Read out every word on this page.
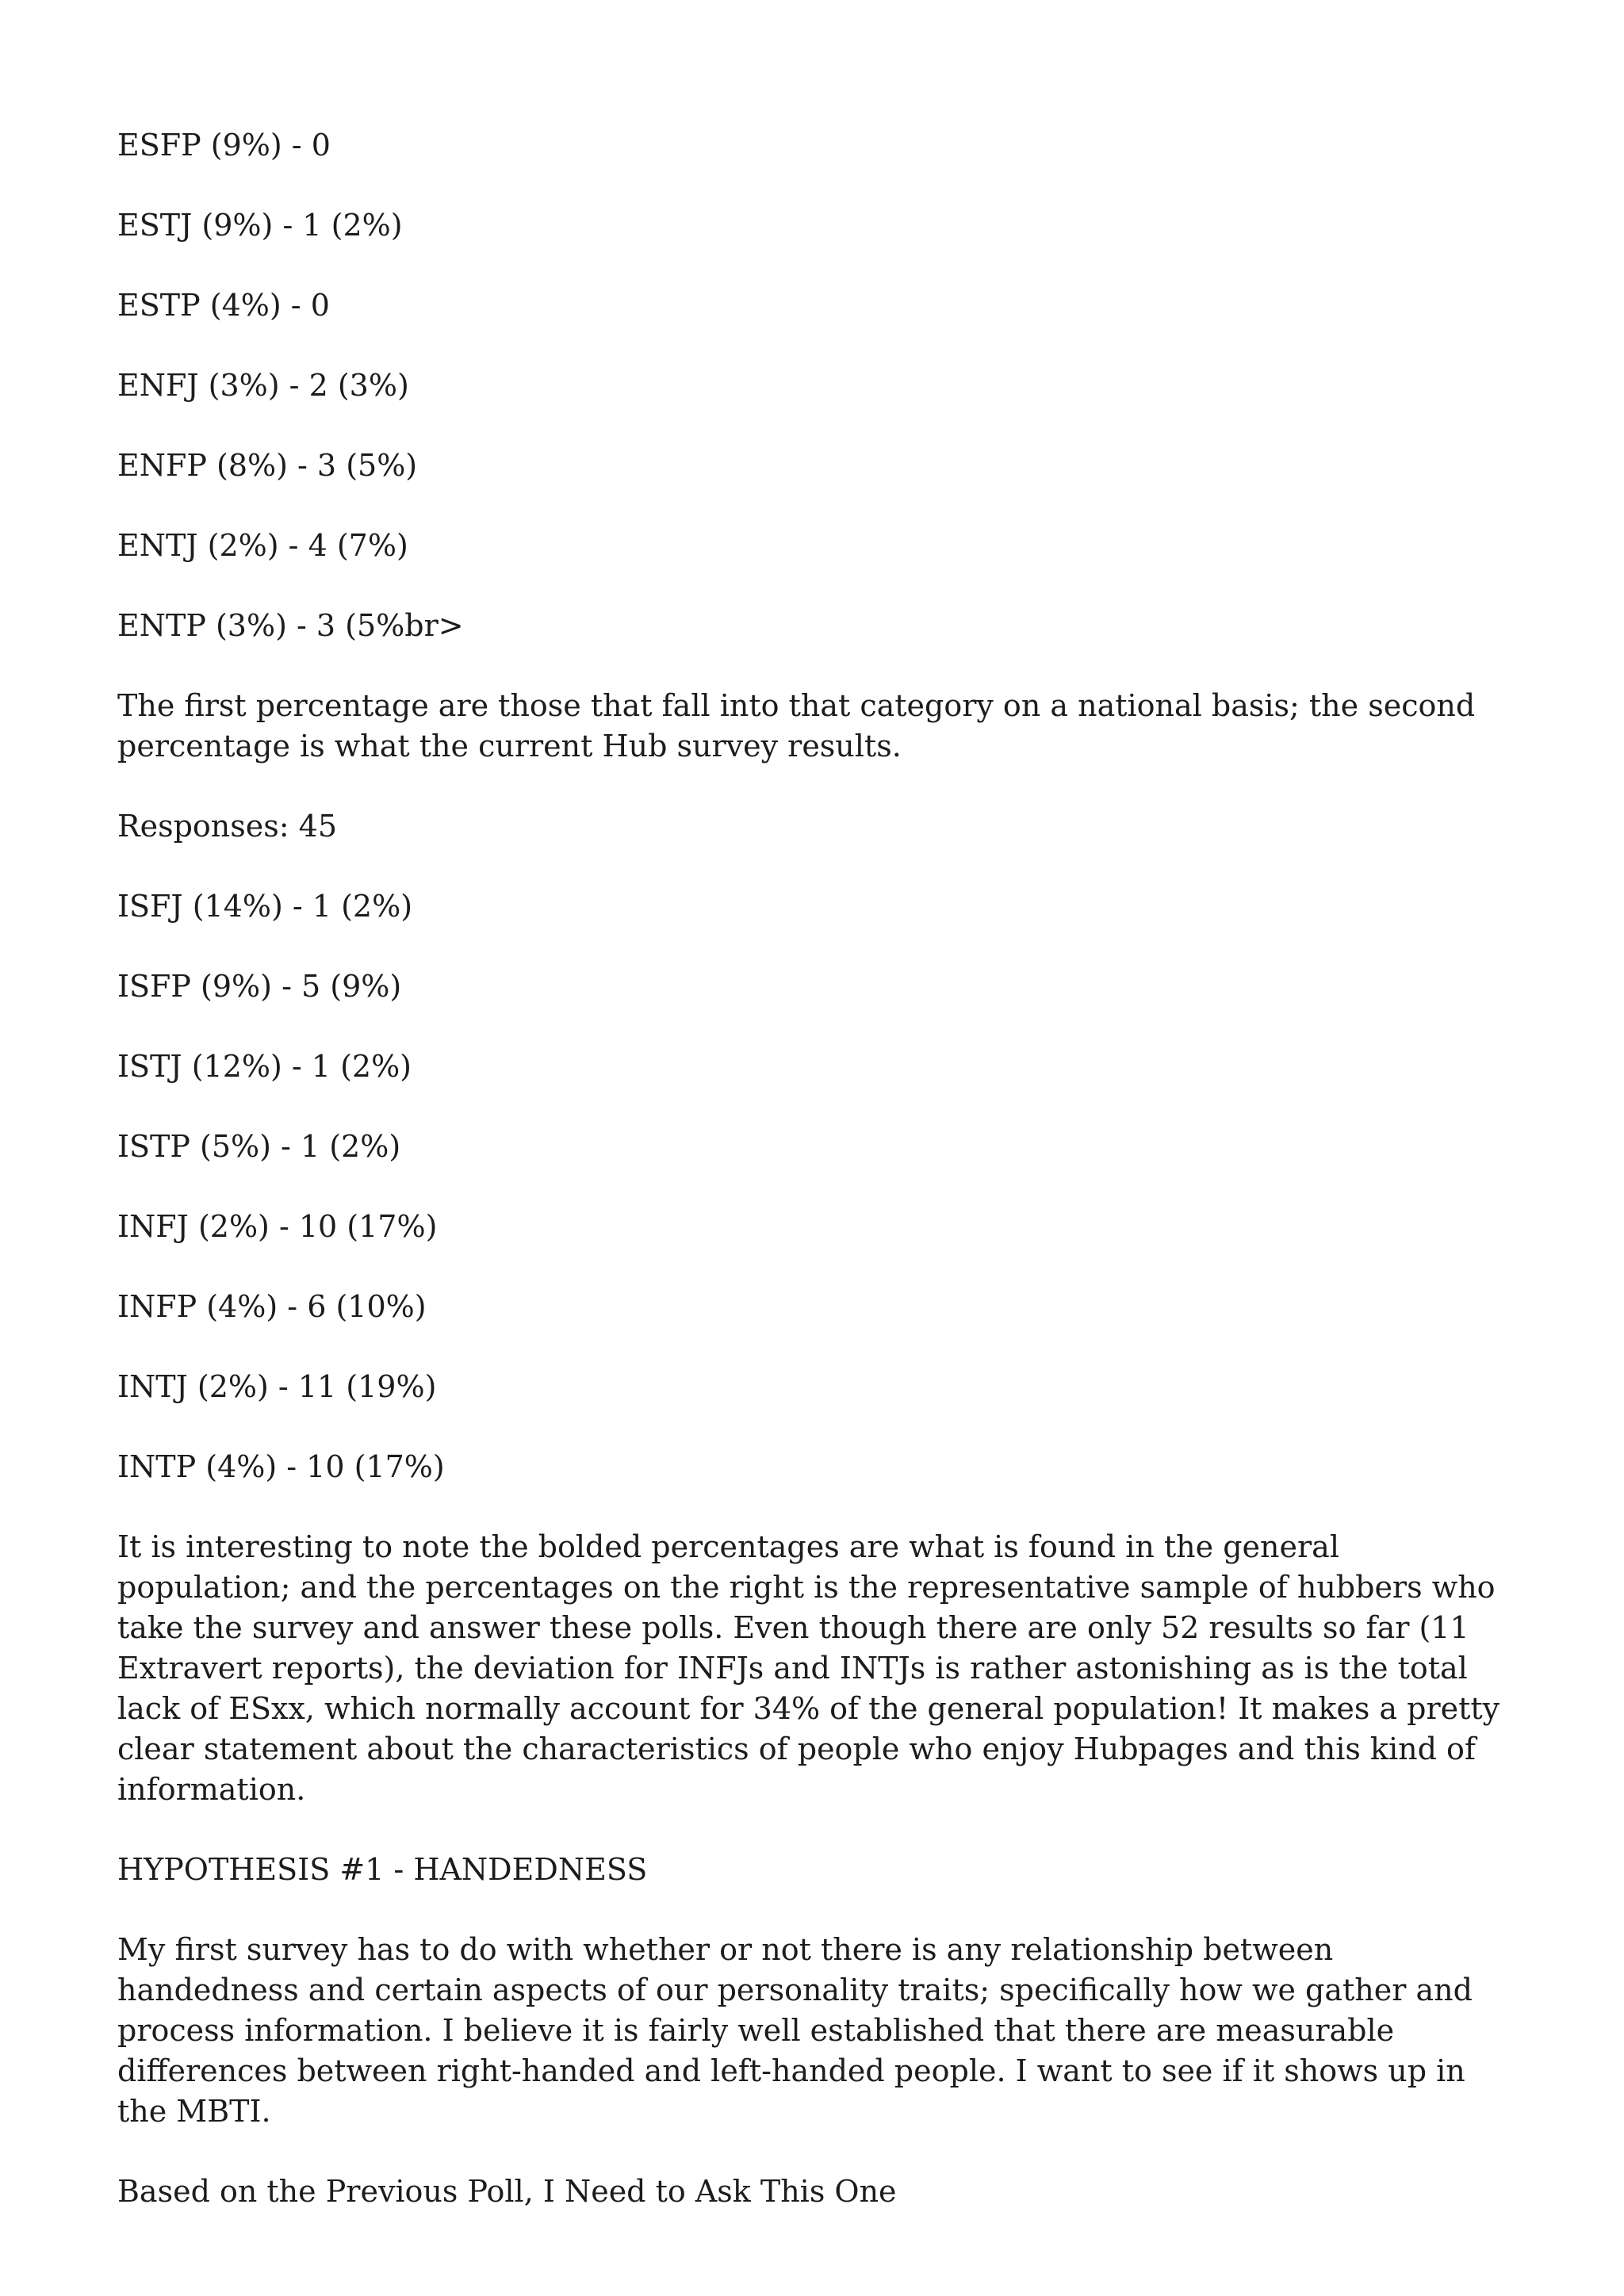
ESFP (9%) - 0

ESTJ (9%) - 1 (2%)

ESTP (4%) - 0

ENFJ (3%) - 2 (3%)

ENFP (8%) - 3 (5%)

ENTJ (2%) - 4 (7%)

ENTP (3%) - 3 (5%br>

The first percentage are those that fall into that category on a national basis; the second percentage is what the current Hub survey results.

Responses: 45

ISFJ (14%) - 1 (2%)

ISFP (9%) - 5 (9%)

ISTJ (12%) - 1 (2%)

ISTP (5%) - 1 (2%)

INFJ (2%) - 10 (17%)

INFP (4%) - 6 (10%)

INTJ (2%) - 11 (19%)

INTP (4%) - 10 (17%)

It is interesting to note the bolded percentages are what is found in the general population; and the percentages on the right is the representative sample of hubbers who take the survey and answer these polls. Even though there are only 52 results so far (11 Extravert reports), the deviation for INFJs and INTJs is rather astonishing as is the total lack of ESxx, which normally account for 34% of the general population! It makes a pretty clear statement about the characteristics of people who enjoy Hubpages and this kind of information.

HYPOTHESIS #1 - HANDEDNESS

My first survey has to do with whether or not there is any relationship between handedness and certain aspects of our personality traits; specifically how we gather and process information. I believe it is fairly well established that there are measurable differences between right-handed and left-handed people. I want to see if it shows up in the MBTI.

Based on the Previous Poll, I Need to Ask This One
